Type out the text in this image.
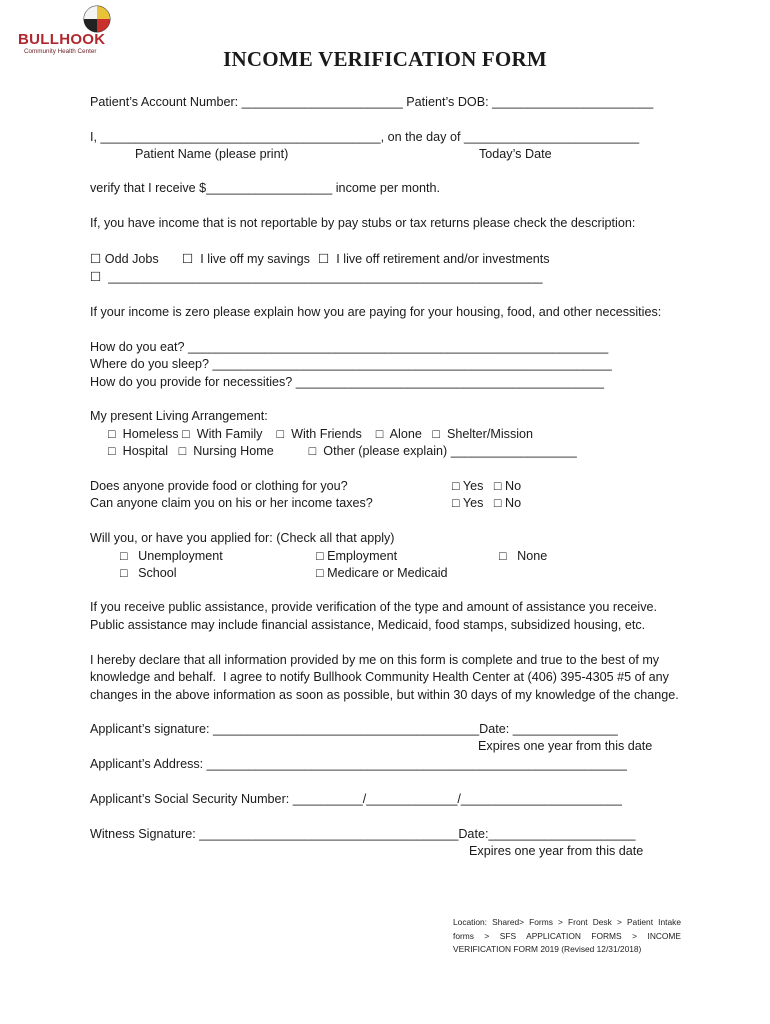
BULLHOOK
Community Health Center	INCOME VERIFICATION FORM
Patient’s Account Number: _______________________ Patient’s DOB: _______________________
I, ________________________________________, on the day of _________________________
Patient Name (please print)	Today’s Date
verify that I receive $__________________ income per month.
If, you have income that is not reportable by pay stubs or tax returns please check the description:
☐ Odd Jobs ☐  I live off my savings ☐  I live off retirement and/or investments
☐  ______________________________________________________________
If your income is zero please explain how you are paying for your housing, food, and other necessities:
How do you eat? ____________________________________________________________
Where do you sleep? _________________________________________________________
How do you provide for necessities? ____________________________________________
My present Living Arrangement:
□  Homeless □  With Family    □  With Friends    □  Alone   □  Shelter/Mission
□  Hospital   □  Nursing Home          □  Other (please explain) __________________
Does anyone provide food or clothing for you?	□ Yes   □ No
Can anyone claim you on his or her income taxes?	□ Yes   □ No
Will you, or have you applied for: (Check all that apply)
□   Unemployment	□ Employment	□   None
□   School	□ Medicare or Medicaid
If you receive public assistance, provide verification of the type and amount of assistance you receive.
Public assistance may include financial assistance, Medicaid, food stamps, subsidized housing, etc.
I hereby declare that all information provided by me on this form is complete and true to the best of my
knowledge and behalf.  I agree to notify Bullhook Community Health Center at (406) 395-4305 #5 of any
changes in the above information as soon as possible, but within 30 days of my knowledge of the change.
Applicant’s signature: ______________________________________Date: _______________
Expires one year from this date
Applicant’s Address: ____________________________________________________________
Applicant’s Social Security Number: __________/_____________/_______________________
Witness Signature: _____________________________________Date:_____________________
Expires one year from this date
Location: Shared> Forms > Front Desk > Patient Intake forms > SFS APPLICATION FORMS > INCOME VERIFICATION FORM 2019 (Revised 12/31/2018)
